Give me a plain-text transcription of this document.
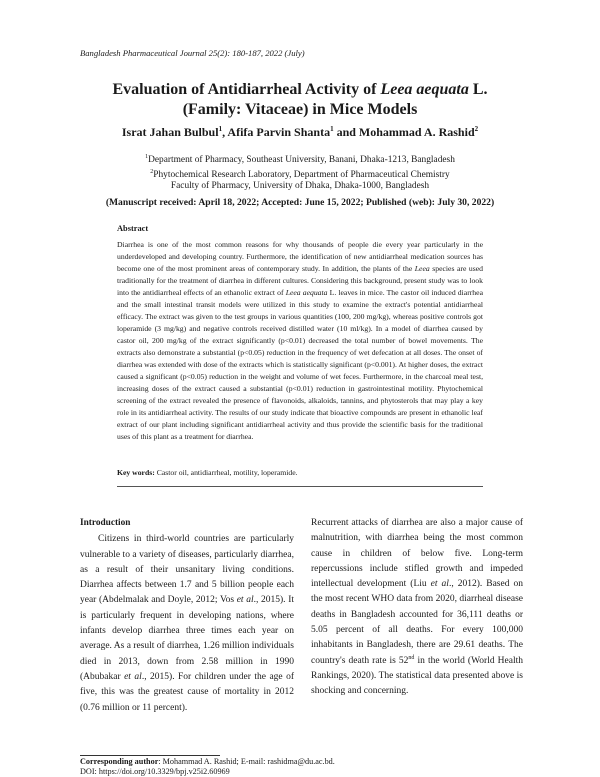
Bangladesh Pharmaceutical Journal 25(2): 180-187, 2022 (July)
Evaluation of Antidiarrheal Activity of Leea aequata L.
(Family: Vitaceae) in Mice Models
Israt Jahan Bulbul$^1$, Afifa Parvin Shanta$^1$ and Mohammad A. Rashid$^2$
$^1$Department of Pharmacy, Southeast University, Banani, Dhaka-1213, Bangladesh
$^2$Phytochemical Research Laboratory, Department of Pharmaceutical Chemistry
Faculty of Pharmacy, University of Dhaka, Dhaka-1000, Bangladesh
(Manuscript received: April 18, 2022; Accepted: June 15, 2022; Published (web): July 30, 2022)
Abstract
Diarrhea is one of the most common reasons for why thousands of people die every year particularly in the underdeveloped and developing country. Furthermore, the identification of new antidiarrheal medication sources has become one of the most prominent areas of contemporary study. In addition, the plants of the Leea species are used traditionally for the treatment of diarrhea in different cultures. Considering this background, present study was to look into the antidiarrheal effects of an ethanolic extract of Leea aequata L. leaves in mice. The castor oil induced diarrhea and the small intestinal transit models were utilized in this study to examine the extract's potential antidiarrheal efficacy. The extract was given to the test groups in various quantities (100, 200 mg/kg), whereas positive controls got loperamide (3 mg/kg) and negative controls received distilled water (10 ml/kg). In a model of diarrhea caused by castor oil, 200 mg/kg of the extract significantly (p<0.01) decreased the total number of bowel movements. The extracts also demonstrate a substantial (p<0.05) reduction in the frequency of wet defecation at all doses. The onset of diarrhea was extended with dose of the extracts which is statistically significant (p<0.001). At higher doses, the extract caused a significant (p<0.05) reduction in the weight and volume of wet feces. Furthermore, in the charcoal meal test, increasing doses of the extract caused a substantial (p<0.01) reduction in gastrointestinal motility. Phytochemical screening of the extract revealed the presence of flavonoids, alkaloids, tannins, and phytosterols that may play a key role in its antidiarrheal activity. The results of our study indicate that bioactive compounds are present in ethanolic leaf extract of our plant including significant antidiarrheal activity and thus provide the scientific basis for the traditional uses of this plant as a treatment for diarrhea.
Key words: Castor oil, antidiarrheal, motility, loperamide.
Introduction

Citizens in third-world countries are particularly vulnerable to a variety of diseases, particularly diarrhea, as a result of their unsanitary living conditions. Diarrhea affects between 1.7 and 5 billion people each year (Abdelmalak and Doyle, 2012; Vos et al., 2015). It is particularly frequent in developing nations, where infants develop diarrhea three times each year on average. As a result of diarrhea, 1.26 million individuals died in 2013, down from 2.58 million in 1990 (Abubakar et al., 2015). For children under the age of five, this was the greatest cause of mortality in 2012 (0.76 million or 11 percent).

Recurrent attacks of diarrhea are also a major cause of malnutrition, with diarrhea being the most common cause in children of below five. Long-term repercussions include stifled growth and impeded intellectual development (Liu et al., 2012). Based on the most recent WHO data from 2020, diarrheal disease deaths in Bangladesh accounted for 36,111 deaths or 5.05 percent of all deaths. For every 100,000 inhabitants in Bangladesh, there are 29.61 deaths. The country's death rate is 52nd in the world (World Health Rankings, 2020). The statistical data presented above is shocking and concerning.

Corresponding author: Mohammad A. Rashid; E-mail: rashidma@du.ac.bd.
DOI: https://doi.org/10.3329/bpj.v25i2.60969
